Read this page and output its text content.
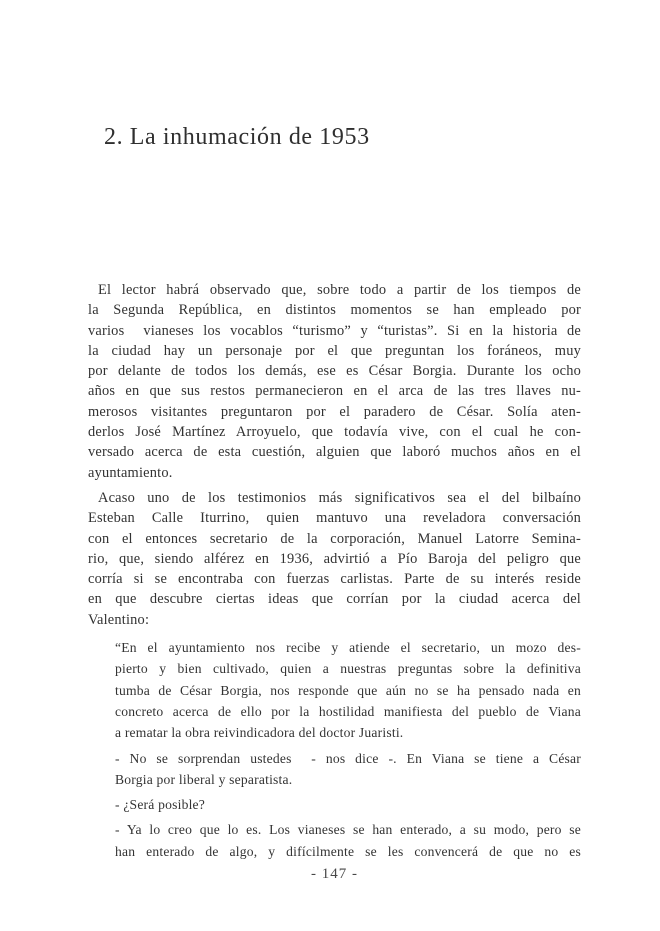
2. La inhumación de 1953
El lector habrá observado que, sobre todo a partir de los tiempos de
la Segunda República, en distintos momentos se han empleado por
varios  vianeses los vocablos “turismo” y “turistas”. Si en la historia de
la ciudad hay un personaje por el que preguntan los foráneos, muy
por delante de todos los demás, ese es César Borgia. Durante los ocho
años en que sus restos permanecieron en el arca de las tres llaves nu-
merosos visitantes preguntaron por el paradero de César. Solía aten-
derlos José Martínez Arroyuelo, que todavía vive, con el cual he con-
versado acerca de esta cuestión, alguien que laboró muchos años en el
ayuntamiento.
Acaso uno de los testimonios más significativos sea el del bilbaíno
Esteban Calle Iturrino, quien mantuvo una reveladora conversación
con el entonces secretario de la corporación, Manuel Latorre Semina-
rio, que, siendo alférez en 1936, advirtió a Pío Baroja del peligro que
corría si se encontraba con fuerzas carlistas. Parte de su interés reside
en que descubre ciertas ideas que corrían por la ciudad acerca del
Valentino:
“En el ayuntamiento nos recibe y atiende el secretario, un mozo des-
pierto y bien cultivado, quien a nuestras preguntas sobre la definitiva
tumba de César Borgia, nos responde que aún no se ha pensado nada en
concreto acerca de ello por la hostilidad manifiesta del pueblo de Viana
a rematar la obra reivindicadora del doctor Juaristi.
- No se sorprendan ustedes  - nos dice -. En Viana se tiene a César
Borgia por liberal y separatista.
- ¿Será posible?
- Ya lo creo que lo es. Los vianeses se han enterado, a su modo, pero se
han enterado de algo, y difícilmente se les convencerá de que no es
- 147 -
